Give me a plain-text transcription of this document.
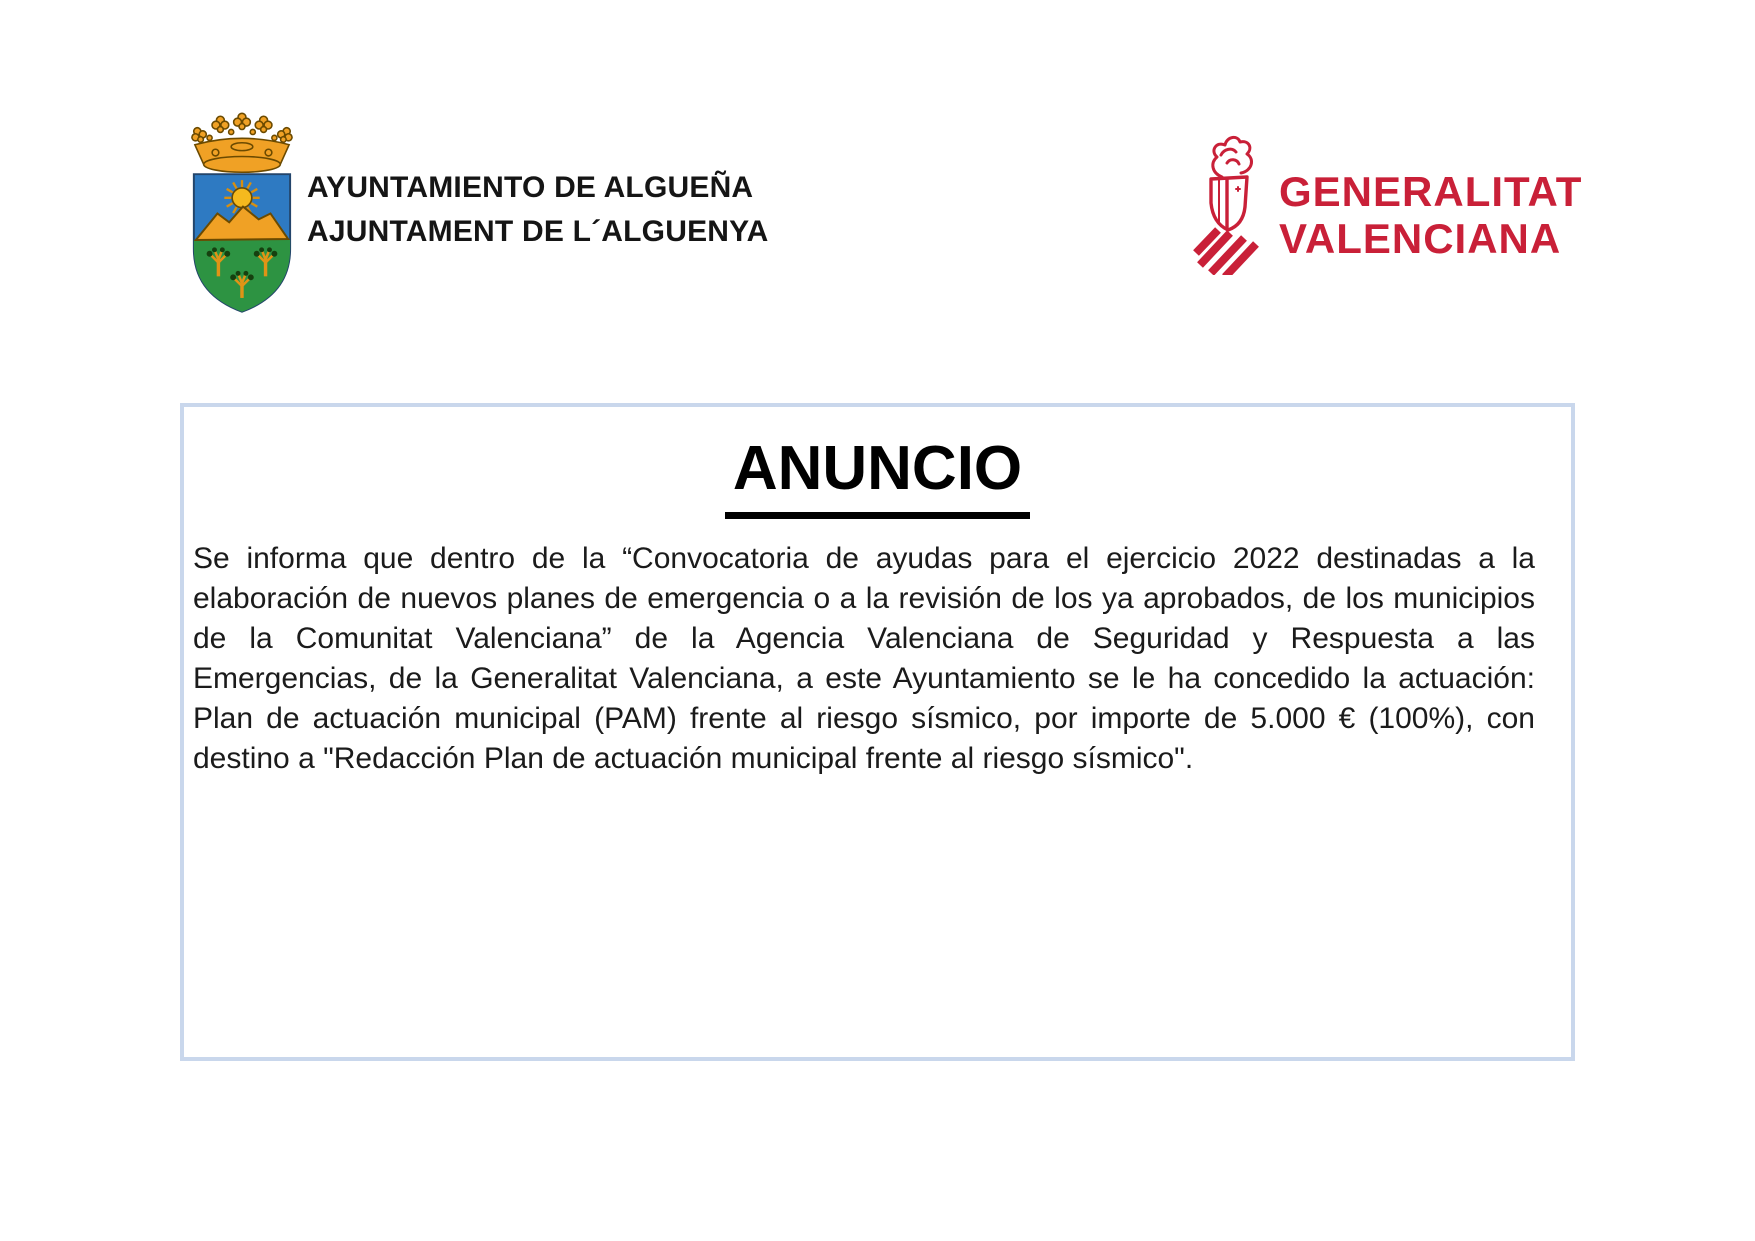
AYUNTAMIENTO DE ALGUEÑA
AJUNTAMENT DE L´ALGUENYA
GENERALITAT
VALENCIANA
ANUNCIO

Se informa que dentro de la “Convocatoria de ayudas para el ejercicio 2022 destinadas a la elaboración de nuevos planes de emergencia o a la revisión de los ya aprobados, de los municipios de la Comunitat Valenciana” de la Agencia Valenciana de Seguridad y Respuesta a las Emergencias, de la Generalitat Valenciana, a este Ayuntamiento se le ha concedido la actuación: Plan de actuación municipal (PAM) frente al riesgo sísmico, por importe de 5.000 € (100%), con destino a "Redacción Plan de actuación municipal frente al riesgo sísmico".
